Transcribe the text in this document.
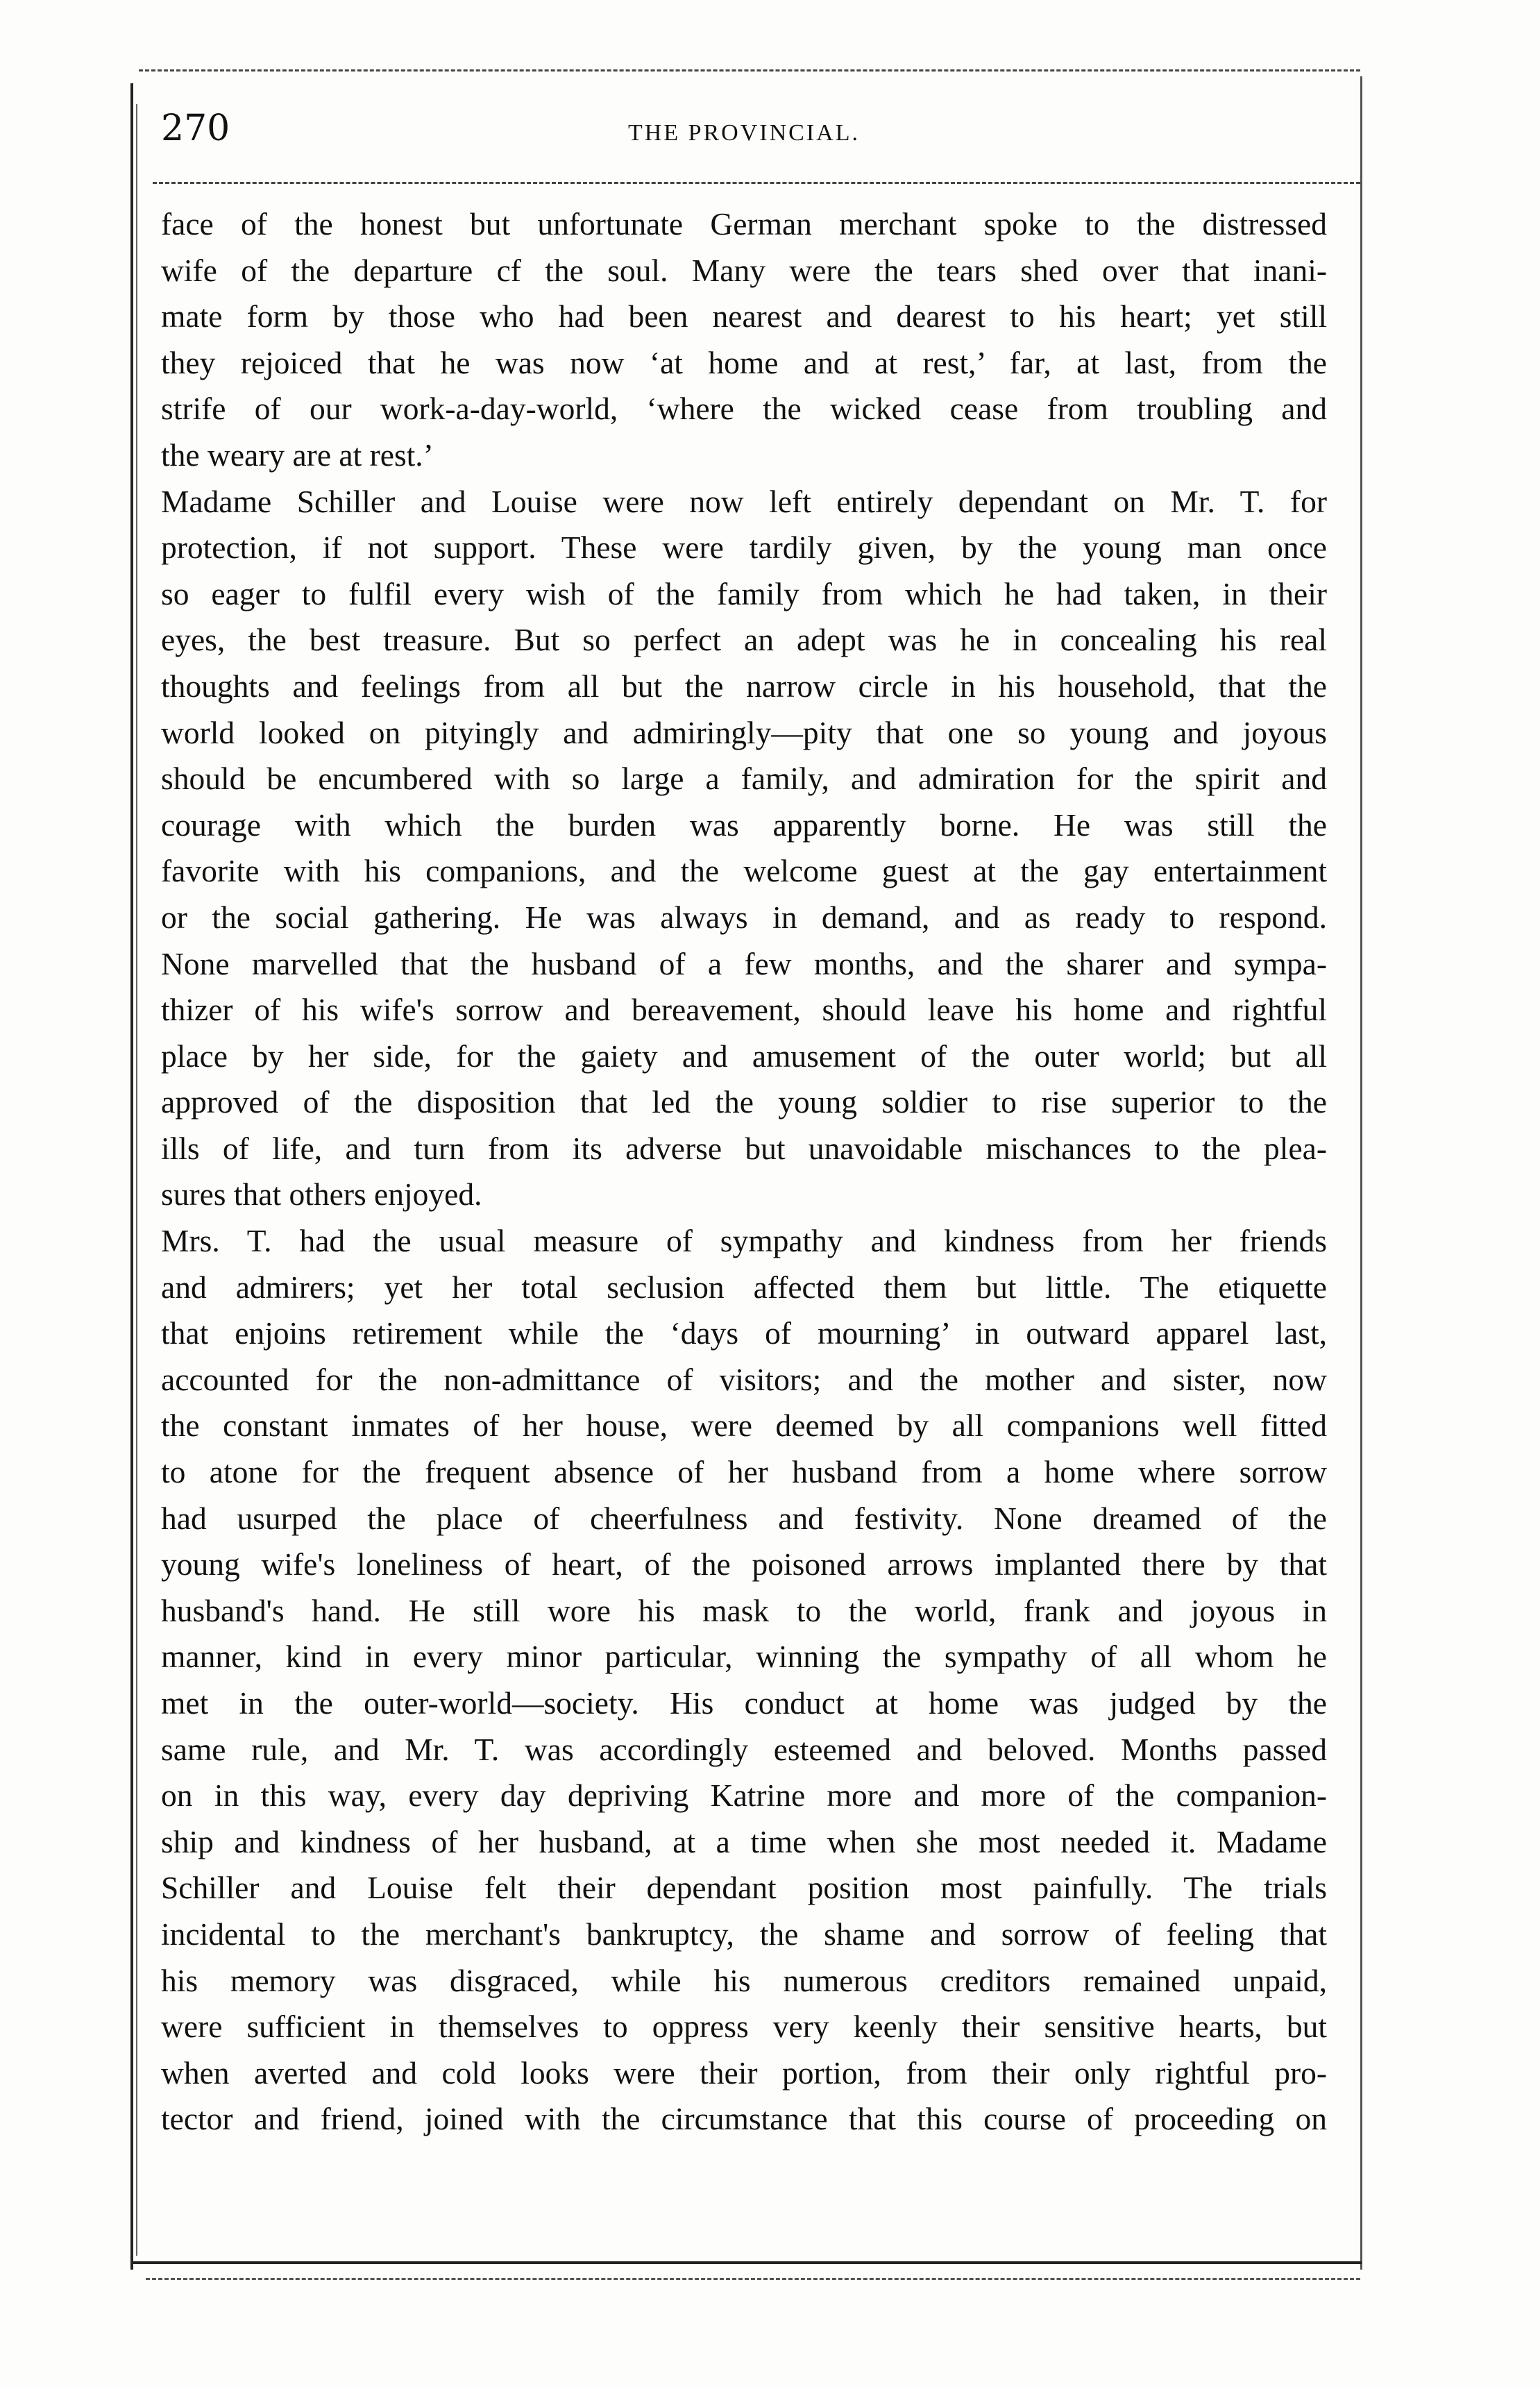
270	THE PROVINCIAL.
face of the honest but unfortunate German merchant spoke to the distressed
wife of the departure cf the soul. Many were the tears shed over that inani-
mate form by those who had been nearest and dearest to his heart; yet still
they rejoiced that he was now ‘at home and at rest,’ far, at last, from the
strife of our work-a-day-world, ‘where the wicked cease from troubling and
the weary are at rest.’
Madame Schiller and Louise were now left entirely dependant on Mr. T. for
protection, if not support. These were tardily given, by the young man once
so eager to fulfil every wish of the family from which he had taken, in their
eyes, the best treasure. But so perfect an adept was he in concealing his real
thoughts and feelings from all but the narrow circle in his household, that the
world looked on pityingly and admiringly—pity that one so young and joyous
should be encumbered with so large a family, and admiration for the spirit and
courage with which the burden was apparently borne. He was still the
favorite with his companions, and the welcome guest at the gay entertainment
or the social gathering. He was always in demand, and as ready to respond.
None marvelled that the husband of a few months, and the sharer and sympa-
thizer of his wife's sorrow and bereavement, should leave his home and rightful
place by her side, for the gaiety and amusement of the outer world; but all
approved of the disposition that led the young soldier to rise superior to the
ills of life, and turn from its adverse but unavoidable mischances to the plea-
sures that others enjoyed.
Mrs. T. had the usual measure of sympathy and kindness from her friends
and admirers; yet her total seclusion affected them but little. The etiquette
that enjoins retirement while the ‘days of mourning’ in outward apparel last,
accounted for the non-admittance of visitors; and the mother and sister, now
the constant inmates of her house, were deemed by all companions well fitted
to atone for the frequent absence of her husband from a home where sorrow
had usurped the place of cheerfulness and festivity. None dreamed of the
young wife's loneliness of heart, of the poisoned arrows implanted there by that
husband's hand. He still wore his mask to the world, frank and joyous in
manner, kind in every minor particular, winning the sympathy of all whom he
met in the outer-world—society. His conduct at home was judged by the
same rule, and Mr. T. was accordingly esteemed and beloved. Months passed
on in this way, every day depriving Katrine more and more of the companion-
ship and kindness of her husband, at a time when she most needed it. Madame
Schiller and Louise felt their dependant position most painfully. The trials
incidental to the merchant's bankruptcy, the shame and sorrow of feeling that
his memory was disgraced, while his numerous creditors remained unpaid,
were sufficient in themselves to oppress very keenly their sensitive hearts, but
when averted and cold looks were their portion, from their only rightful pro-
tector and friend, joined with the circumstance that this course of proceeding on
